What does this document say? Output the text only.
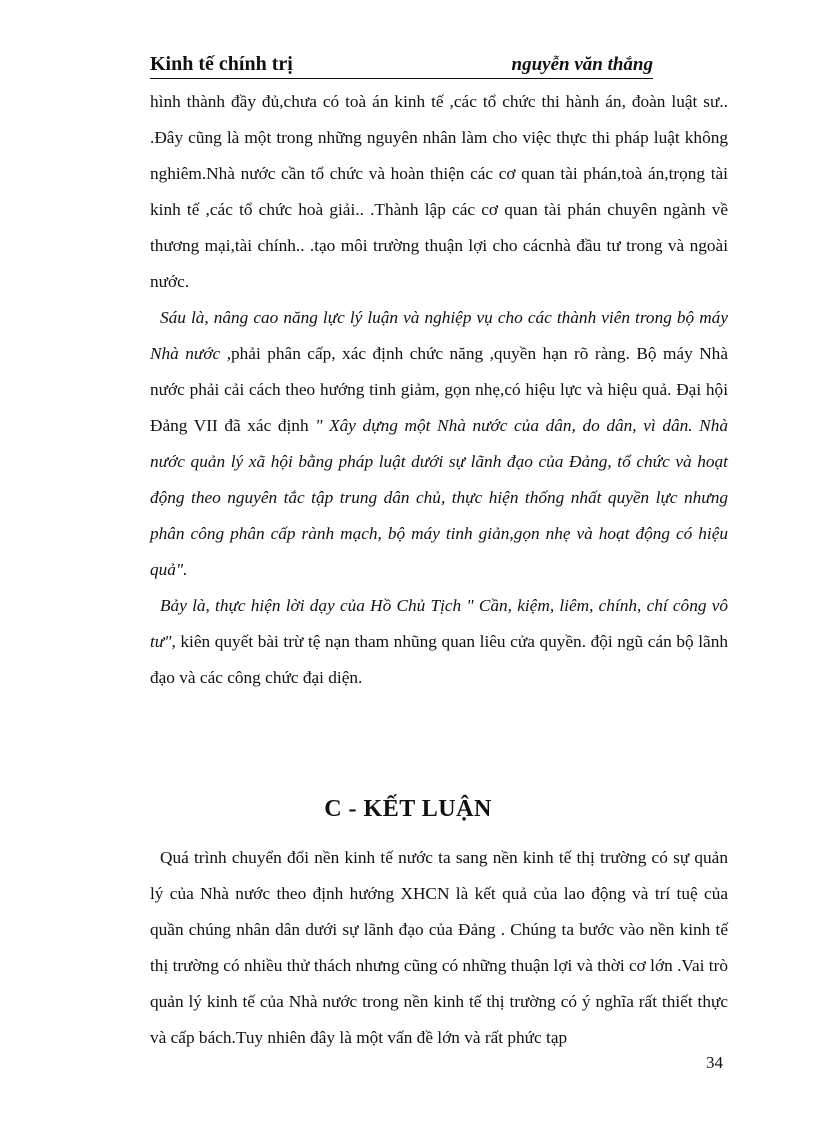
Kinh tế chính trị	nguyễn văn thắng

hình thành đầy đủ,chưa có toà án kinh tế ,các tổ chức thi hành án, đoàn luật sư.. .Đây cũng là một trong những nguyên nhân làm cho việc thực thi pháp luật không nghiêm.Nhà nước cần tổ chức và hoàn thiện các cơ quan tài phán,toà án,trọng tài kinh tế ,các tổ chức hoà giải.. .Thành lập các cơ quan tài phán chuyên ngành về thương mại,tài chính.. .tạo môi trường thuận lợi cho cácnhà đầu tư trong và ngoài nước.

Sáu là, nâng cao năng lực lý luận và nghiệp vụ cho các thành viên trong bộ máy Nhà nước ,phải phân cấp, xác định chức năng ,quyền hạn rõ ràng. Bộ máy Nhà nước phải cải cách theo hướng tinh giảm, gọn nhẹ,có hiệu lực và hiệu quả. Đại hội Đảng VII đã xác định " Xây dựng một Nhà nước của dân, do dân, vì dân. Nhà nước quản lý xã hội bằng pháp luật dưới sự lãnh đạo của Đảng, tổ chức và hoạt động theo nguyên tắc tập trung dân chủ, thực hiện thống nhất quyền lực nhưng phân công phân cấp rành mạch, bộ máy tinh giản,gọn nhẹ và hoạt động có hiệu quả".

Bảy là, thực hiện lời dạy của Hồ Chủ Tịch " Cần, kiệm, liêm, chính, chí công vô tư", kiên quyết bài trừ tệ nạn tham nhũng quan liêu cửa quyền. đội ngũ cán bộ lãnh đạo và các công chức đại diện.

C - KẾT LUẬN

Quá trình chuyển đổi nền kinh tế nước ta sang nền kinh tế thị trường có sự quản lý của Nhà nước theo định hướng XHCN là kết quả của lao động và trí tuệ của quần chúng nhân dân dưới sự lãnh đạo của Đảng . Chúng ta bước vào nền kinh tế thị trường có nhiều thử thách nhưng cũng có những thuận lợi và thời cơ lớn .Vai trò quản lý kinh tế của Nhà nước trong nền kinh tế thị trường có ý nghĩa rất thiết thực và cấp bách.Tuy nhiên đây là một vấn đề lớn và rất phức tạp

34
